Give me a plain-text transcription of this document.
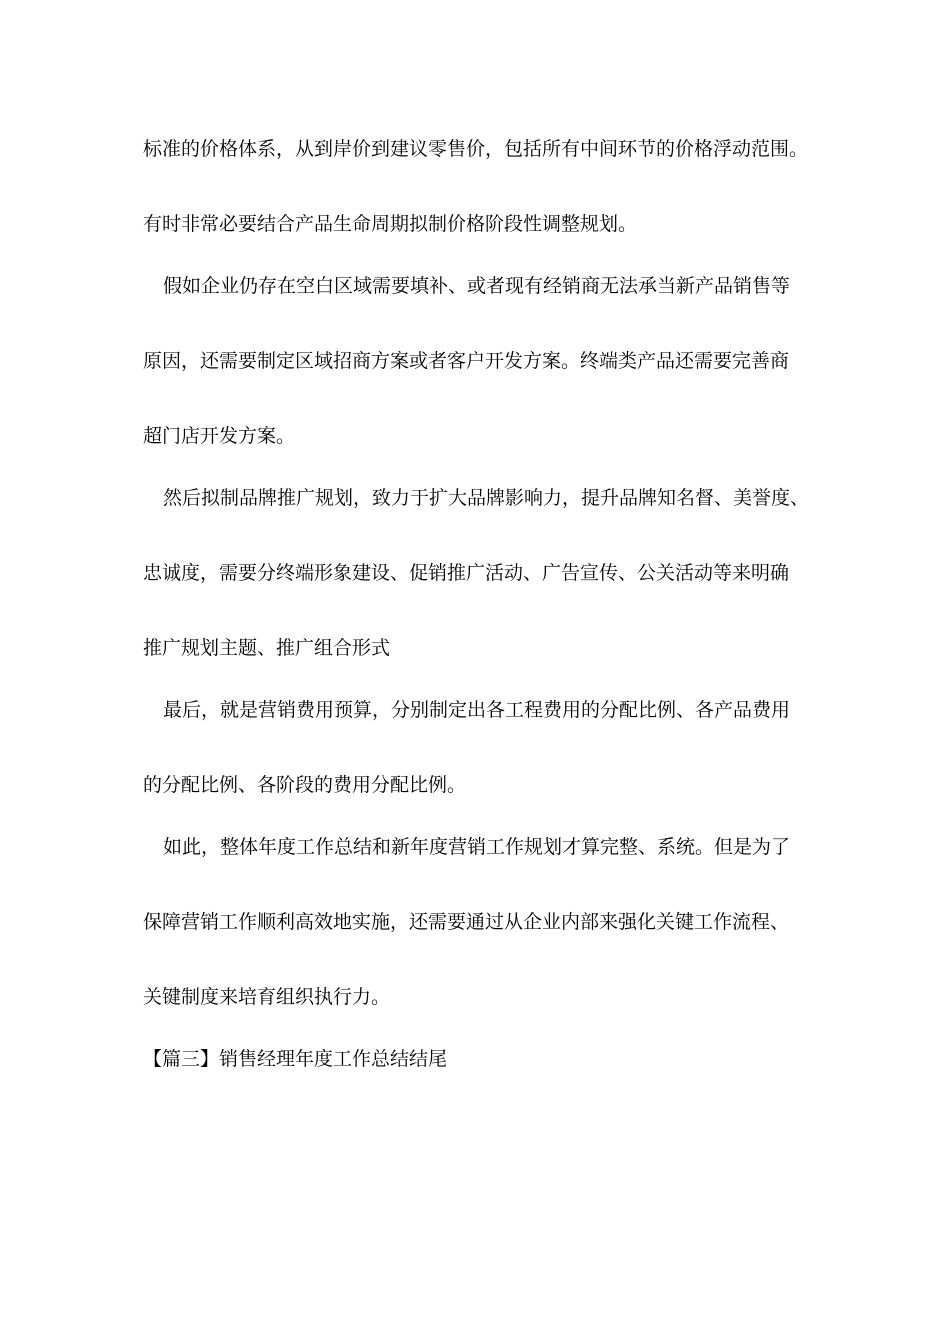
标准的价格体系，从到岸价到建议零售价，包括所有中间环节的价格浮动范围。
有时非常必要结合产品生命周期拟制价格阶段性调整规划。
假如企业仍存在空白区域需要填补、或者现有经销商无法承当新产品销售等
原因，还需要制定区域招商方案或者客户开发方案。终端类产品还需要完善商
超门店开发方案。
然后拟制品牌推广规划，致力于扩大品牌影响力，提升品牌知名督、美誉度、
忠诚度，需要分终端形象建设、促销推广活动、广告宣传、公关活动等来明确
推广规划主题、推广组合形式
最后，就是营销费用预算，分别制定出各工程费用的分配比例、各产品费用
的分配比例、各阶段的费用分配比例。
如此，整体年度工作总结和新年度营销工作规划才算完整、系统。但是为了
保障营销工作顺利高效地实施，还需要通过从企业内部来强化关键工作流程、
关键制度来培育组织执行力。
【篇三】销售经理年度工作总结结尾
